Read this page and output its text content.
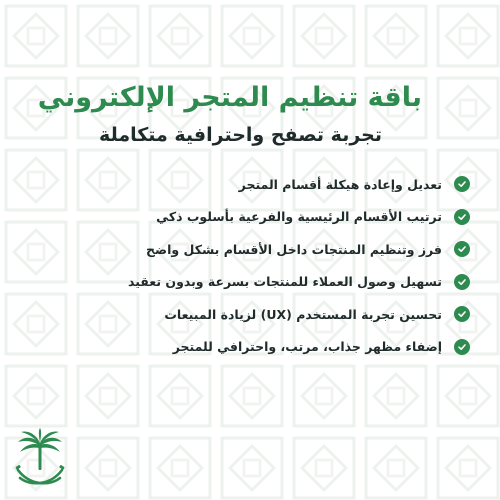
باقة تنظيم المتجر الإلكتروني
تجربة تصفح واحترافية متكاملة
تعديل وإعادة هيكلة أقسام المتجر
ترتيب الأقسام الرئيسية والفرعية بأسلوب ذكي
فرز وتنظيم المنتجات داخل الأقسام بشكل واضح
تسهيل وصول العملاء للمنتجات بسرعة وبدون تعقيد
تحسين تجربة المستخدم (UX) لزيادة المبيعات
إضفاء مظهر جذاب، مرتب، واحترافي للمتجر
